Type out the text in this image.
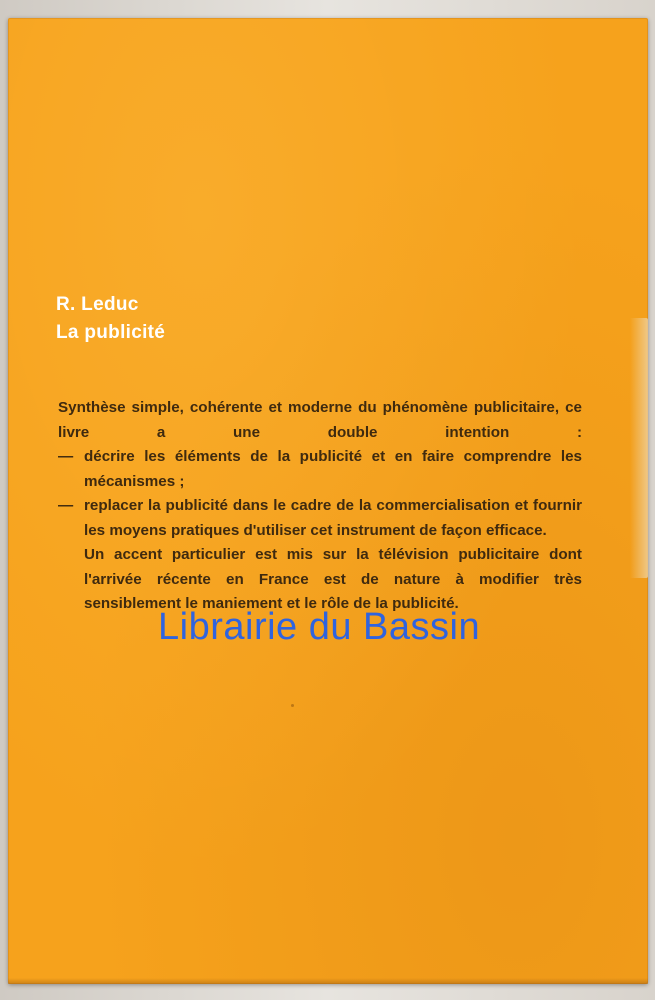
R. Leduc
La publicité
Synthèse simple, cohérente et moderne du phénomène publicitaire, ce livre a une double intention :
— décrire les éléments de la publicité et en faire comprendre les mécanismes ;
— replacer la publicité dans le cadre de la commercialisation et fournir les moyens pratiques d'utiliser cet instrument de façon efficace.
Un accent particulier est mis sur la télévision publicitaire dont l'arrivée récente en France est de nature à modifier très sensiblement le maniement et le rôle de la publicité.
Librairie du Bassin
